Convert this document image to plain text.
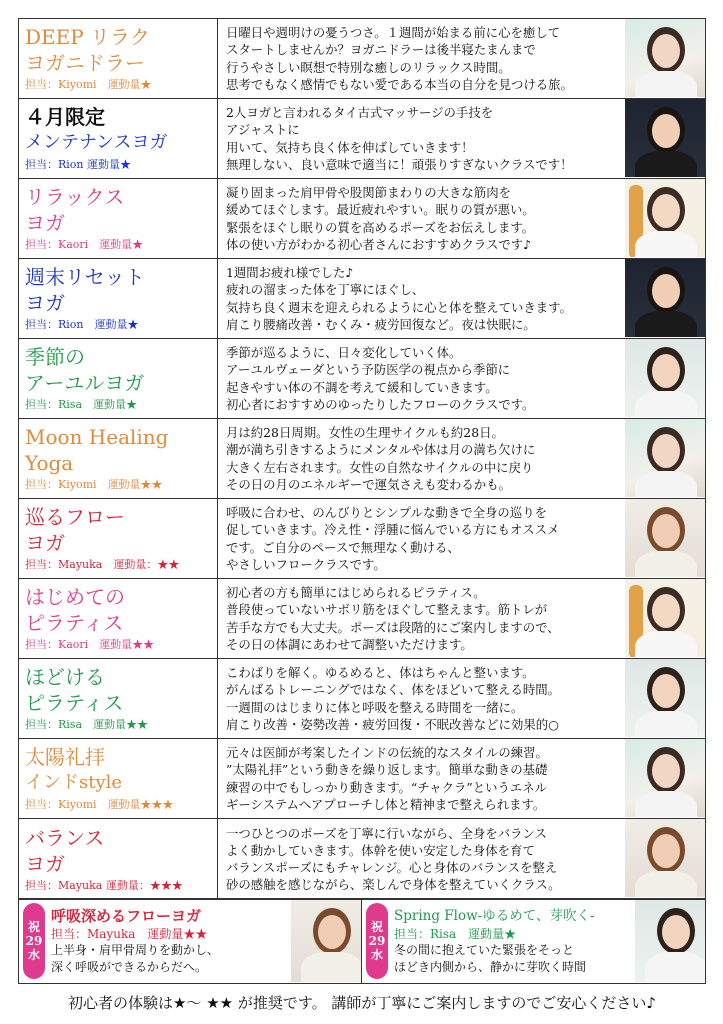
DEEP リラク
ヨガニドラー
担当：Kiyomi　運動量★
日曜日や週明けの憂うつさ。１週間が始まる前に心を癒して
スタートしませんか？ヨガニドラーは後半寝たまんまで
行うやさしい瞑想で特別な癒しのリラックス時間。
思考でもなく感情でもない愛である本当の自分を見つける旅。
４月限定
メンテナンスヨガ
担当：Rion 運動量★
2人ヨガと言われるタイ古式マッサージの手技を
アジャストに
用いて、気持ち良く体を伸ばしていきます！
無理しない、良い意味で適当に！頑張りすぎないクラスです！
リラックス
ヨガ
担当：Kaori　運動量★
凝り固まった肩甲骨や股関節まわりの大きな筋肉を
緩めてほぐします。最近疲れやすい。眠りの質が悪い。
緊張をほぐし眠りの質を高めるポーズをお伝えします。
体の使い方がわかる初心者さんにおすすめクラスです♪
週末リセット
ヨガ
担当：Rion　運動量★
1週間お疲れ様でした♪
疲れの溜まった体を丁寧にほぐし、
気持ち良く週末を迎えられるように心と体を整えていきます。
肩こり腰痛改善・むくみ・疲労回復など。夜は快眠に。
季節の
アーユルヨガ
担当：Risa　運動量★
季節が巡るように、日々変化していく体。
アーユルヴェーダという予防医学の視点から季節に
起きやすい体の不調を考えて緩和していきます。
初心者におすすめのゆったりしたフローのクラスです。
Moon Healing
Yoga
担当：Kiyomi　運動量★★
月は約28日周期。女性の生理サイクルも約28日。
潮が満ち引きするようにメンタルや体は月の満ち欠けに
大きく左右されます。女性の自然なサイクルの中に戻り
その日の月のエネルギーで運気さえも変わるかも。
巡るフロー
ヨガ
担当：Mayuka　運動量：★★
呼吸に合わせ、のんびりとシンプルな動きで全身の巡りを
促していきます。冷え性・浮腫に悩んでいる方にもオススメ
です。ご自分のペースで無理なく動ける、
やさしいフロークラスです。
はじめての
ピラティス
担当：Kaori　運動量★★
初心者の方も簡単にはじめられるピラティス。
普段使っていないサボリ筋をほぐして整えます。筋トレが
苦手な方でも大丈夫。ポーズは段階的にご案内しますので、
その日の体調にあわせて調整いただけます。
ほどける
ピラティス
担当：Risa　運動量★★
こわばりを解く。ゆるめると、体はちゃんと整います。
がんばるトレーニングではなく、体をほどいて整える時間。
一週間のはじまりに体と呼吸を整える時間を一緒に。
肩こり改善・姿勢改善・疲労回復・不眠改善などに効果的○
太陽礼拝
インドstyle
担当：Kiyomi　運動量★★★
元々は医師が考案したインドの伝統的なスタイルの練習。
”太陽礼拝”という動きを繰り返します。簡単な動きの基礎
練習の中でもしっかり動きます。“チャクラ”というエネル
ギーシステムへアプローチし体と精神まで整えられます。
バランス
ヨガ
担当：Mayuka 運動量：★★★
一つひとつのポーズを丁寧に行いながら、全身をバランス
よく動かしていきます。体幹を使い安定した身体を育て
バランスポーズにもチャレンジ。心と身体のバランスを整え
砂の感触を感じながら、楽しんで身体を整えていくクラス。
祝
29
水
呼吸深めるフローヨガ
担当：Mayuka　運動量★★
上半身・肩甲骨周りを動かし、
深く呼吸ができるからだへ。
祝
29
水
Spring Flow-ゆるめて、芽吹く-
担当：Risa　運動量★
冬の間に抱えていた緊張をそっと
ほどき内側から、静かに芽吹く時間
初心者の体験は★〜 ★★ が推奨です。 講師が丁寧にご案内しますのでご安心ください♪
